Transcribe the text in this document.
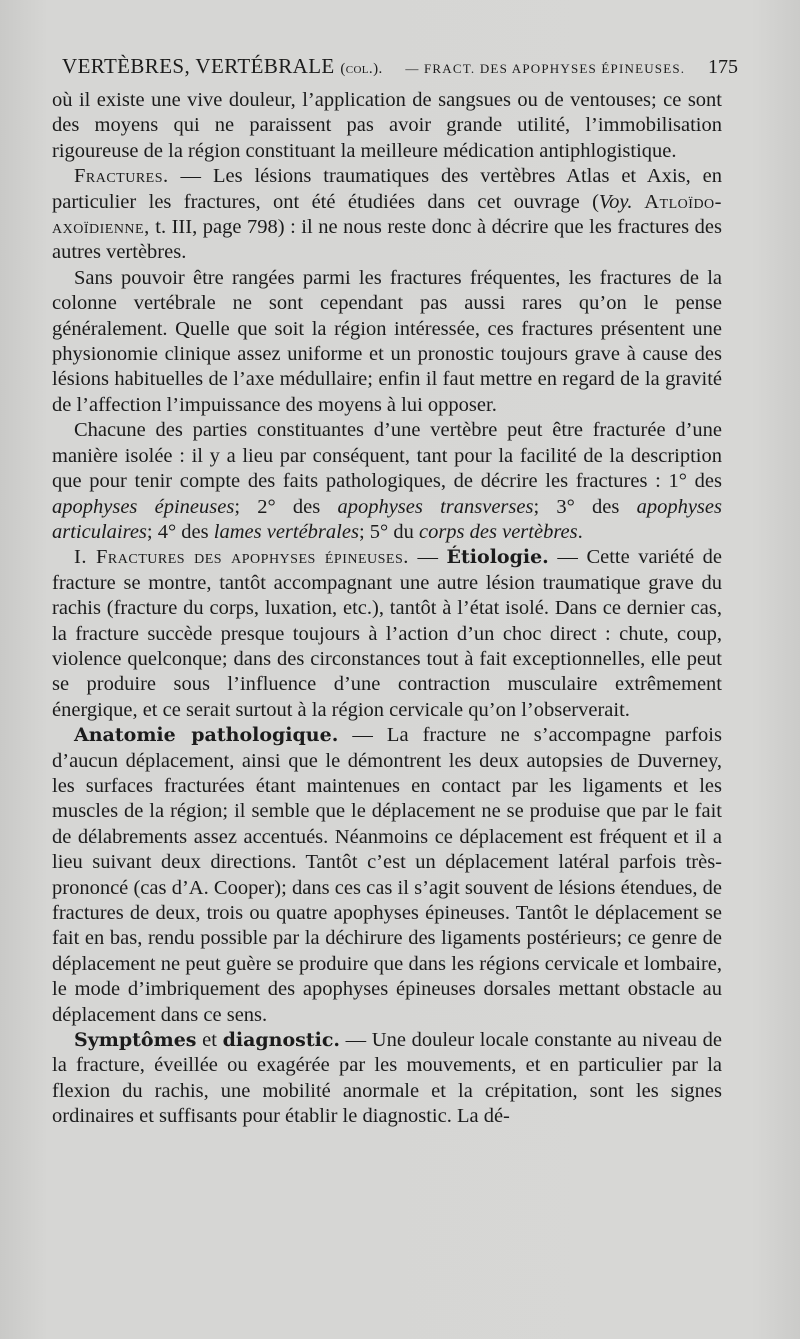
VERTÈBRES, VERTÉBRALE (col.). — FRACT. DES APOPHYSES ÉPINEUSES. 175

où il existe une vive douleur, l’application de sangsues ou de ventouses; ce sont des moyens qui ne paraissent pas avoir grande utilité, l’immobilisation rigoureuse de la région constituant la meilleure médication antiphlogistique.

Fractures. — Les lésions traumatiques des vertèbres Atlas et Axis, en particulier les fractures, ont été étudiées dans cet ouvrage (Voy. Atloïdo-axoïdienne, t. III, page 798) : il ne nous reste donc à décrire que les fractures des autres vertèbres.

Sans pouvoir être rangées parmi les fractures fréquentes, les fractures de la colonne vertébrale ne sont cependant pas aussi rares qu’on le pense généralement. Quelle que soit la région intéressée, ces fractures présentent une physionomie clinique assez uniforme et un pronostic toujours grave à cause des lésions habituelles de l’axe médullaire; enfin il faut mettre en regard de la gravité de l’affection l’impuissance des moyens à lui opposer.

Chacune des parties constituantes d’une vertèbre peut être fracturée d’une manière isolée : il y a lieu par conséquent, tant pour la facilité de la description que pour tenir compte des faits pathologiques, de décrire les fractures : 1° des apophyses épineuses; 2° des apophyses transverses; 3° des apophyses articulaires; 4° des lames vertébrales; 5° du corps des vertèbres.

I. Fractures des apophyses épineuses. — Étiologie. — Cette variété de fracture se montre, tantôt accompagnant une autre lésion traumatique grave du rachis (fracture du corps, luxation, etc.), tantôt à l’état isolé. Dans ce dernier cas, la fracture succède presque toujours à l’action d’un choc direct : chute, coup, violence quelconque; dans des circonstances tout à fait exceptionnelles, elle peut se produire sous l’influence d’une contraction musculaire extrêmement énergique, et ce serait surtout à la région cervicale qu’on l’observerait.

Anatomie pathologique. — La fracture ne s’accompagne parfois d’aucun déplacement, ainsi que le démontrent les deux autopsies de Duverney, les surfaces fracturées étant maintenues en contact par les ligaments et les muscles de la région; il semble que le déplacement ne se produise que par le fait de délabrements assez accentués. Néanmoins ce déplacement est fréquent et il a lieu suivant deux directions. Tantôt c’est un déplacement latéral parfois très-prononcé (cas d’A. Cooper); dans ces cas il s’agit souvent de lésions étendues, de fractures de deux, trois ou quatre apophyses épineuses. Tantôt le déplacement se fait en bas, rendu possible par la déchirure des ligaments postérieurs; ce genre de déplacement ne peut guère se produire que dans les régions cervicale et lombaire, le mode d’imbriquement des apophyses épineuses dorsales mettant obstacle au déplacement dans ce sens.

Symptômes et diagnostic. — Une douleur locale constante au niveau de la fracture, éveillée ou exagérée par les mouvements, et en particulier par la flexion du rachis, une mobilité anormale et la crépitation, sont les signes ordinaires et suffisants pour établir le diagnostic. La dé-
